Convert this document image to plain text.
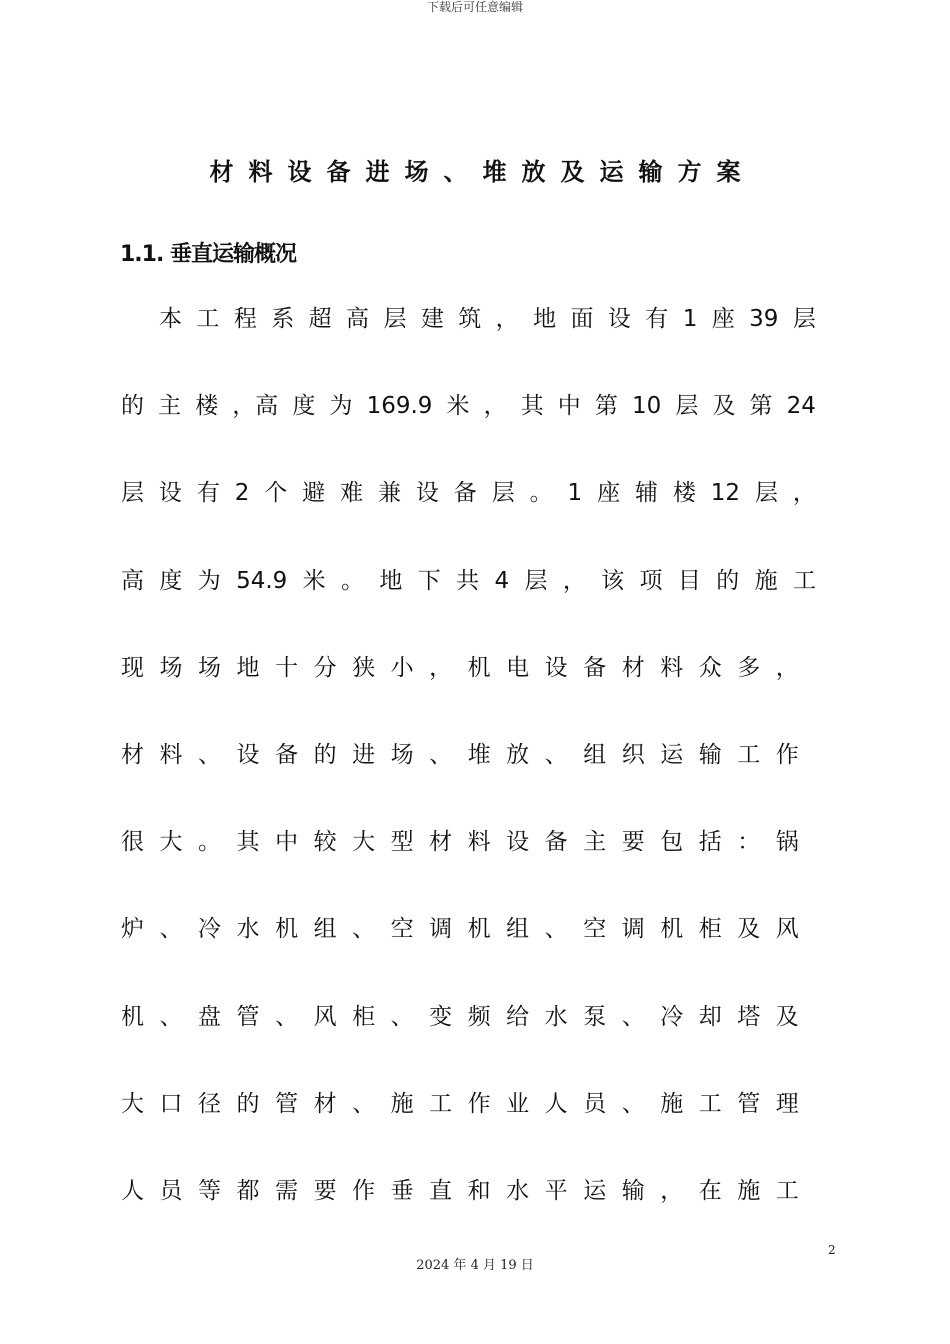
下载后可任意编辑
材料设备进场、堆放及运输方案
1.1. 垂直运输概况
本 工 程 系 超 高 层 建 筑 ， 地 面 设 有 1 座 39 层
的 主 楼 ，高 度 为 169.9 米 ， 其 中 第 10 层 及 第 24
层 设 有 2 个 避 难 兼 设 备 层 。 1 座 辅 楼 12 层 ，
高 度 为 54.9 米 。 地 下 共 4 层 ， 该 项 目 的 施 工
现 场 场 地 十 分 狭 小 ， 机 电 设 备 材 料 众 多 ，
材 料 、 设 备 的 进 场 、 堆 放 、 组 织 运 输 工 作
很 大 。 其 中 较 大 型 材 料 设 备 主 要 包 括 ： 锅
炉 、 冷 水 机 组 、 空 调 机 组 、 空 调 机 柜 及 风
机 、 盘 管 、 风 柜 、 变 频 给 水 泵 、 冷 却 塔 及
大 口 径 的 管 材 、 施 工 作 业 人 员 、 施 工 管 理
人 员 等 都 需 要 作 垂 直 和 水 平 运 输 ， 在 施 工
2
2024 年 4 月 19 日
